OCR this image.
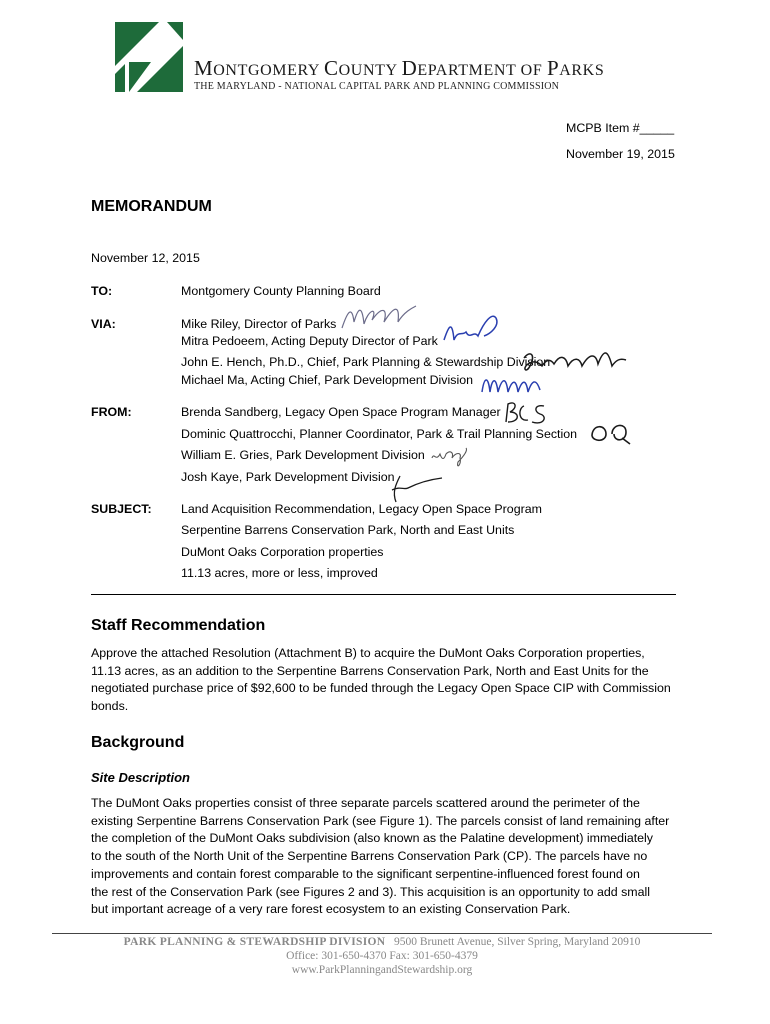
MONTGOMERY COUNTY DEPARTMENT OF PARKS
THE MARYLAND - NATIONAL CAPITAL PARK AND PLANNING COMMISSION
MCPB Item #_____
November 19, 2015
MEMORANDUM
November 12, 2015
TO:	Montgomery County Planning Board
VIA:	Mike Riley, Director of Parks
Mitra Pedoeem, Acting Deputy Director of Park
John E. Hench, Ph.D., Chief, Park Planning & Stewardship Division
Michael Ma, Acting Chief, Park Development Division
FROM:	Brenda Sandberg, Legacy Open Space Program Manager
Dominic Quattrocchi, Planner Coordinator, Park & Trail Planning Section
William E. Gries, Park Development Division
Josh Kaye, Park Development Division
SUBJECT: Land Acquisition Recommendation, Legacy Open Space Program
Serpentine Barrens Conservation Park, North and East Units
DuMont Oaks Corporation properties
11.13 acres, more or less, improved
Staff Recommendation
Approve the attached Resolution (Attachment B) to acquire the DuMont Oaks Corporation properties,
11.13 acres, as an addition to the Serpentine Barrens Conservation Park, North and East Units for the
negotiated purchase price of $92,600 to be funded through the Legacy Open Space CIP with Commission
bonds.
Background
Site Description
The DuMont Oaks properties consist of three separate parcels scattered around the perimeter of the
existing Serpentine Barrens Conservation Park (see Figure 1). The parcels consist of land remaining after
the completion of the DuMont Oaks subdivision (also known as the Palatine development) immediately
to the south of the North Unit of the Serpentine Barrens Conservation Park (CP). The parcels have no
improvements and contain forest comparable to the significant serpentine-influenced forest found on
the rest of the Conservation Park (see Figures 2 and 3). This acquisition is an opportunity to add small
but important acreage of a very rare forest ecosystem to an existing Conservation Park.
PARK PLANNING & STEWARDSHIP DIVISION 9500 Brunett Avenue, Silver Spring, Maryland 20910
Office: 301-650-4370 Fax: 301-650-4379
www.ParkPlanningandStewardship.org
